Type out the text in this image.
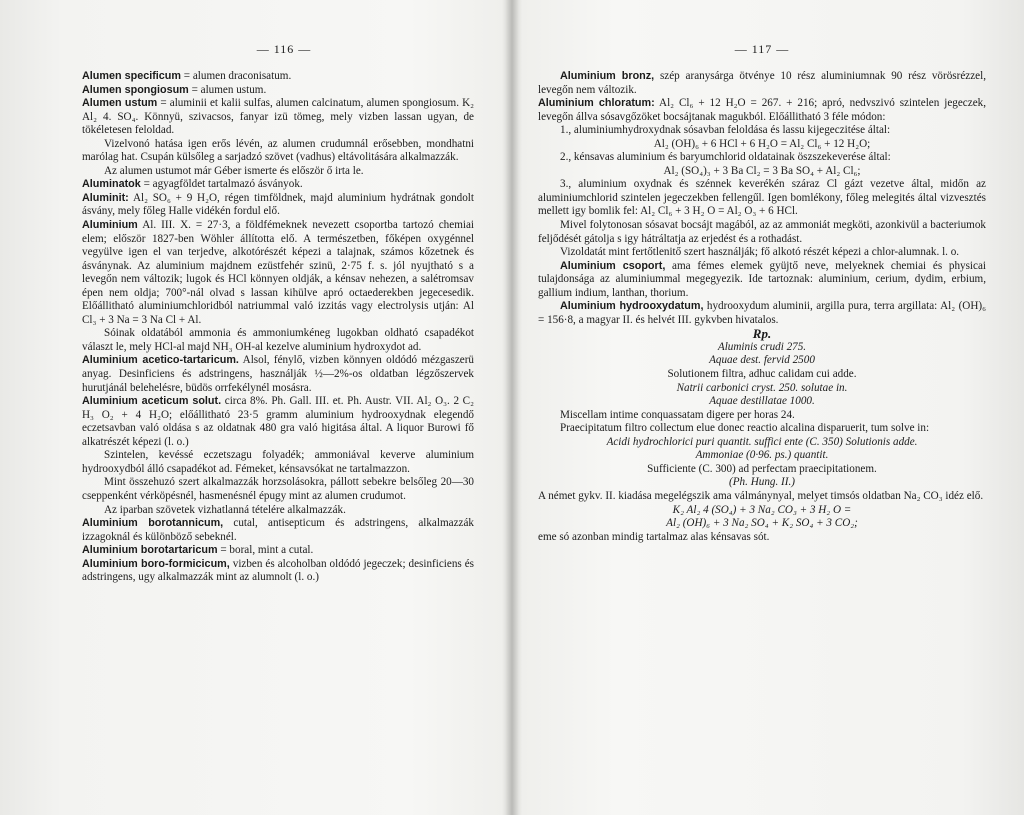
— 116 —

Alumen specificum = alumen draconisatum.

Alumen spongiosum = alumen ustum.

Alumen ustum = aluminii et kalii sulfas, alumen calcinatum, alumen spongiosum. K₂ Al₂ 4. SO₄. Könnyü, szivacsos, fanyar izü tömeg, mely vizben lassan ugyan, de tökéletesen feloldad.

Vizelvonó hatása igen erős lévén, az alumen crudumnál erősebben, mondhatni marólag hat. Csupán külsőleg a sarjadzó szövet (vadhus) eltávolitására alkalmazzák.

Az alumen ustumot már Géber ismerte és először ő irta le.

Aluminatok = agyagföldet tartalmazó ásványok.

Aluminit: Al₂ SO₆ + 9 H₂O, régen timföldnek, majd aluminium hydrátnak gondolt ásvány, mely főleg Halle vidékén fordul elő.

Aluminium Al. III. X. = 27·3, a földfémeknek nevezett csoportba tartozó chemiai elem; először 1827-ben Wöhler állította elő. A természetben, főképen oxygénnel vegyülve igen el van terjedve, alkotórészét képezi a talajnak, számos kőzetnek és ásványnak. Az aluminium majdnem ezüstfehér szinü, 2·75 f. s. jól nyujtható s a levegőn nem változik; lugok és HCl könnyen oldják, a kénsav nehezen, a salétromsav épen nem oldja; 700°-nál olvad s lassan kihülve apró octaederekben jegecesedik. Előállitható aluminiumchloridból natriummal való izzitás vagy electrolysis utján: Al Cl₃ + 3 Na = 3 Na Cl + Al.

Sóinak oldatából ammonia és ammoniumkéneg lugokban oldható csapadékot választ le, mely HCl-al majd NH₃ OH-al kezelve aluminium hydroxydot ad.

Aluminium acetico-tartaricum. Alsol, fénylő, vizben könnyen oldódó mézgaszerü anyag. Desinficiens és adstringens, használják ½—2%-os oldatban légzőszervek hurutjánál belehelésre, büdös orrfekélynél mosásra.

Aluminium aceticum solut. circa 8%. Ph. Gall. III. et. Ph. Austr. VII. Al₂ O₃. 2 C₂ H₃ O₂ + 4 H₂O; előállitható 23·5 gramm aluminium hydrooxydnak elegendő eczetsavban való oldása s az oldatnak 480 gra való higitása által. A liquor Burowi fő alkatrészét képezi (l. o.)

Szintelen, kevéssé eczetszagu folyadék; ammoniával keverve aluminium hydrooxydból álló csapadékot ad. Fémeket, kénsavsókat ne tartalmazzon.

Mint összehuzó szert alkalmazzák horzsolásokra, pállott sebekre belsőleg 20—30 cseppenként vérköpésnél, hasmenésnél épugy mint az alumen crudumot.

Az iparban szövetek vizhatlanná tételére alkalmazzák.

Aluminium borotannicum, cutal, antisepticum és adstringens, alkalmazzák izzagoknál és különböző sebeknél.

Aluminium borotartaricum = boral, mint a cutal.

Aluminium boro-formicicum, vizben és alcoholban oldódó jegeczek; desinficiens és adstringens, ugy alkalmazzák mint az alumnolt (l. o.)

— 117 —

Aluminium bronz, szép aranysárga ötvénye 10 rész aluminiumnak 90 rész vörösrézzel, levegőn nem változik.

Aluminium chloratum: Al₂ Cl₆ + 12 H₂O = 267. + 216; apró, nedvszivó szintelen jegeczek, levegőn állva sósavgőzöket bocsájtanak magukból. Előállitható 3 féle módon:

1., aluminiumhydroxydnak sósavban feloldása és lassu kijegeczitése által:

Al₂ (OH)₆ + 6 HCl + 6 H₂O = Al₂ Cl₆ + 12 H₂O;

2., kénsavas aluminium és baryumchlorid oldatainak öszszekeverése által:

Al₂ (SO₄)₃ + 3 Ba Cl₂ = 3 Ba SO₄ + Al₂ Cl₆;

3., aluminium oxydnak és szénnek keverékén száraz Cl gázt vezetve által, midőn az aluminiumchlorid szintelen jegeczekben fellengűl. Igen bomlékony, főleg melegités által vizvesztés mellett igy bomlik fel: Al₂ Cl₆ + 3 H₂ O = Al₂ O₃ + 6 HCl.

Mivel folytonosan sósavat bocsájt magából, az az ammoniát megköti, azonkivül a bacteriumok feljődését gátolja s igy hátráltatja az erjedést és a rothadást.

Vizoldatát mint fertőtlenitő szert használják; fő alkotó részét képezi a chlor-alumnak. l. o.

Aluminium csoport, ama fémes elemek gyüjtő neve, melyeknek chemiai és physicai tulajdonsága az aluminiummal megegyezik. Ide tartoznak: aluminium, cerium, dydim, erbium, gallium indium, lanthan, thorium.

Aluminium hydrooxydatum, hydrooxydum aluminii, argilla pura, terra argillata: Al₂ (OH)₆ = 156·8, a magyar II. és helvét III. gykvben hivatalos.

Rp.

Aluminis crudi 275.

Aquae dest. fervid 2500

Solutionem filtra, adhuc calidam cui adde.

Natrii carbonici cryst. 250. solutae in.

Aquae destillatae 1000.

Miscellam intime conquassatam digere per horas 24.

Praecipitatum filtro collectum elue donec reactio alcalina disparuerit, tum solve in:

Acidi hydrochlorici puri quantit. suffici ente (C. 350) Solutionis adde.

Ammoniae (0·96. ps.) quantit.

Sufficiente (C. 300) ad perfectam praecipitationem.

(Ph. Hung. II.)

A német gykv. II. kiadása megelégszik ama válmánynyal, melyet timsós oldatban Na₂ CO₃ idéz elő.

K₂ Al₂ 4 (SO₄) + 3 Na₂ CO₃ + 3 H₂ O =

Al₂ (OH)₆ + 3 Na₂ SO₄ + K₂ SO₄ + 3 CO₂;

eme só azonban mindig tartalmaz alas kénsavas sót.
